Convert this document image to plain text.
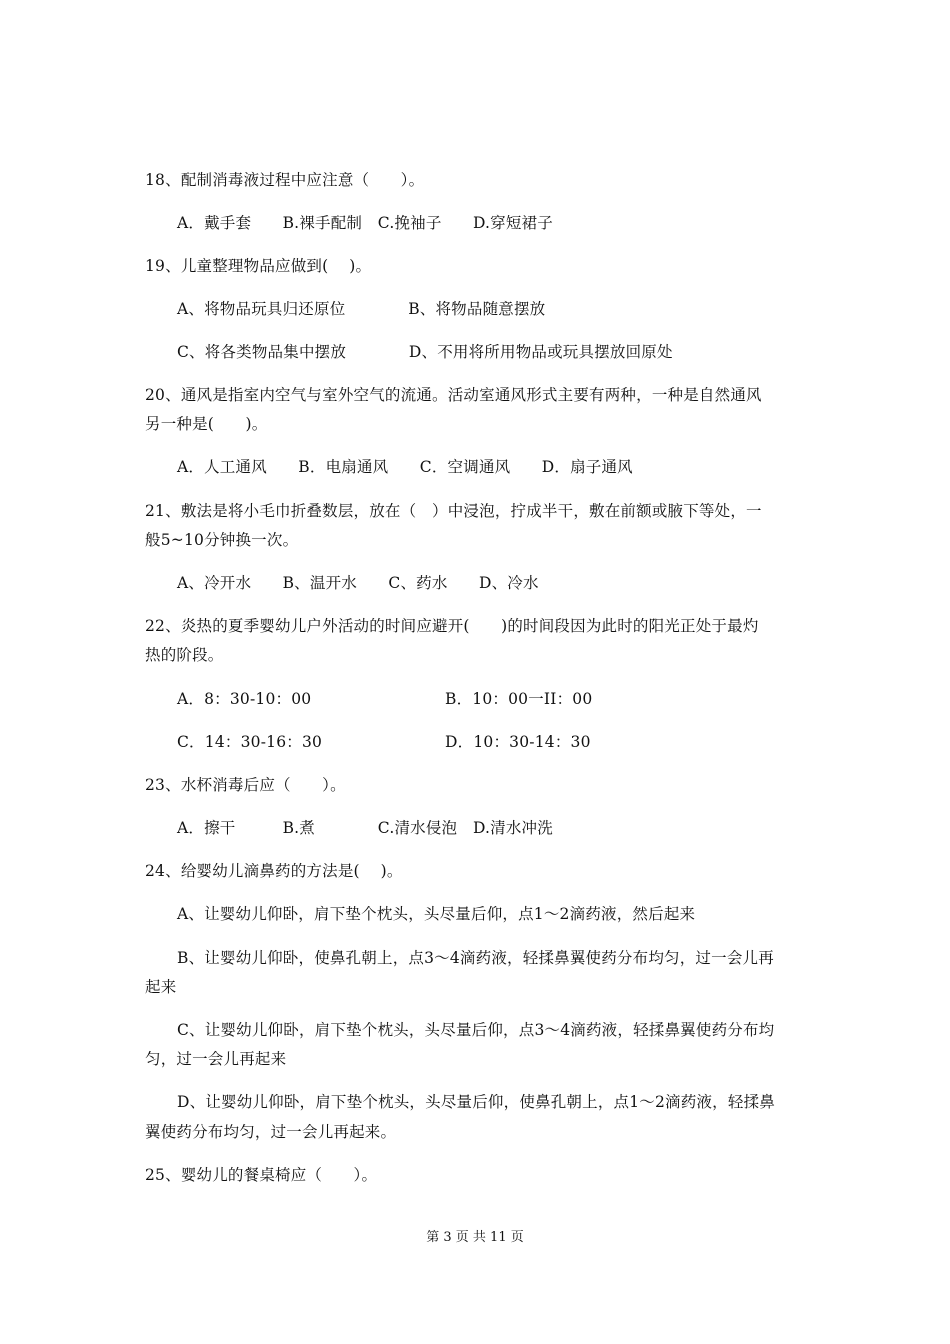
18、配制消毒液过程中应注意（　　）。
A．戴手套　　B.裸手配制　C.挽袖子　　D.穿短裙子
19、儿童整理物品应做到(　 )。
A、将物品玩具归还原位　　　　B、将物品随意摆放
C、将各类物品集中摆放　　　　D、不用将所用物品或玩具摆放回原处
20、通风是指室内空气与室外空气的流通。活动室通风形式主要有两种，一种是自然通风
另一种是(　　)。
A．人工通风　　B．电扇通风　　C．空调通风　　D．扇子通风
21、敷法是将小毛巾折叠数层，放在（　）中浸泡，拧成半干，敷在前额或腋下等处，一
般5~10分钟换一次。
A、冷开水　　B、温开水　　C、药水　　D、冷水
22、炎热的夏季婴幼儿户外活动的时间应避开(　　)的时间段因为此时的阳光正处于最灼
热的阶段。
A．8：30-10：00	B．10：00一II：00
C．14：30-16：30	D．10：30-14：30
23、水杯消毒后应（　　）。
A．擦干　　　B.煮　　　　C.清水侵泡　D.清水冲洗
24、给婴幼儿滴鼻药的方法是(　 )。
A、让婴幼儿仰卧，肩下垫个枕头，头尽量后仰，点1～2滴药液，然后起来
B、让婴幼儿仰卧，使鼻孔朝上，点3～4滴药液，轻揉鼻翼使药分布均匀，过一会儿再
起来
C、让婴幼儿仰卧，肩下垫个枕头，头尽量后仰，点3～4滴药液，轻揉鼻翼使药分布均
匀，过一会儿再起来
D、让婴幼儿仰卧，肩下垫个枕头，头尽量后仰，使鼻孔朝上，点1～2滴药液，轻揉鼻
翼使药分布均匀，过一会儿再起来。
25、婴幼儿的餐桌椅应（　　）。
第 3 页 共 11 页
